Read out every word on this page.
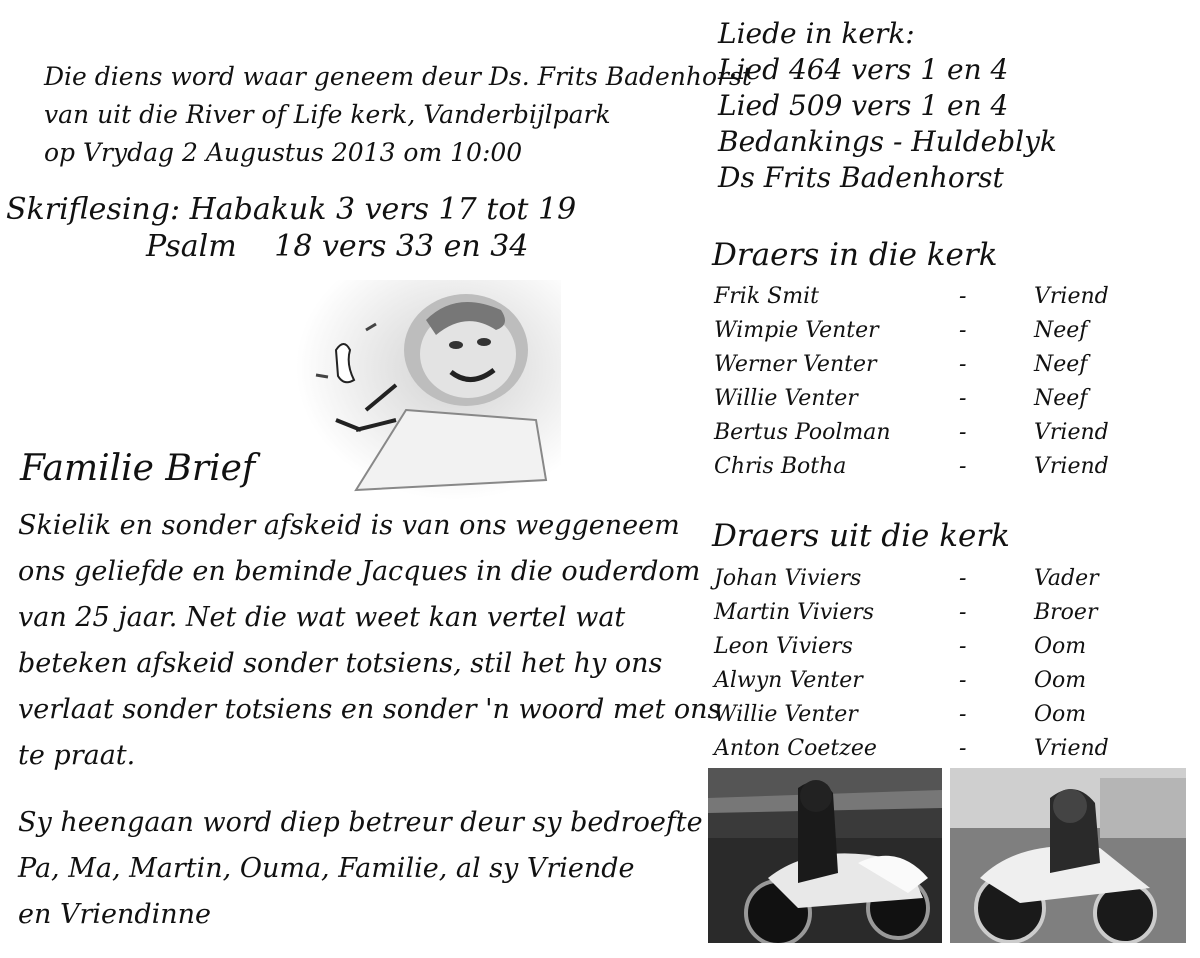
Die diens word waar geneem deur Ds. Frits Badenhorst
van uit die River of Life kerk, Vanderbijlpark
op Vrydag 2 Augustus 2013 om 10:00
Skriflesing: Habakuk 3 vers 17 tot 19
Psalm 18 vers 33 en 34
Familie Brief
Skielik en sonder afskeid is van ons weggeneem
ons geliefde en beminde Jacques in die ouderdom
van 25 jaar. Net die wat weet kan vertel wat
beteken afskeid sonder totsiens, stil het hy ons
verlaat sonder totsiens en sonder 'n woord met ons
te praat.
Sy heengaan word diep betreur deur sy bedroefte
Pa, Ma, Martin, Ouma, Familie, al sy Vriende
en Vriendinne
Liede in kerk:
Lied 464 vers 1 en 4
Lied 509 vers 1 en 4
Bedankings - Huldeblyk
Ds Frits Badenhorst
Draers in die kerk
Frik Smit	-	Vriend
Wimpie Venter	-	Neef
Werner Venter	-	Neef
Willie Venter	-	Neef
Bertus Poolman	-	Vriend
Chris Botha	-	Vriend
Draers uit die kerk
Johan Viviers	-	Vader
Martin Viviers	-	Broer
Leon Viviers	-	Oom
Alwyn Venter	-	Oom
Willie Venter	-	Oom
Anton Coetzee	-	Vriend
